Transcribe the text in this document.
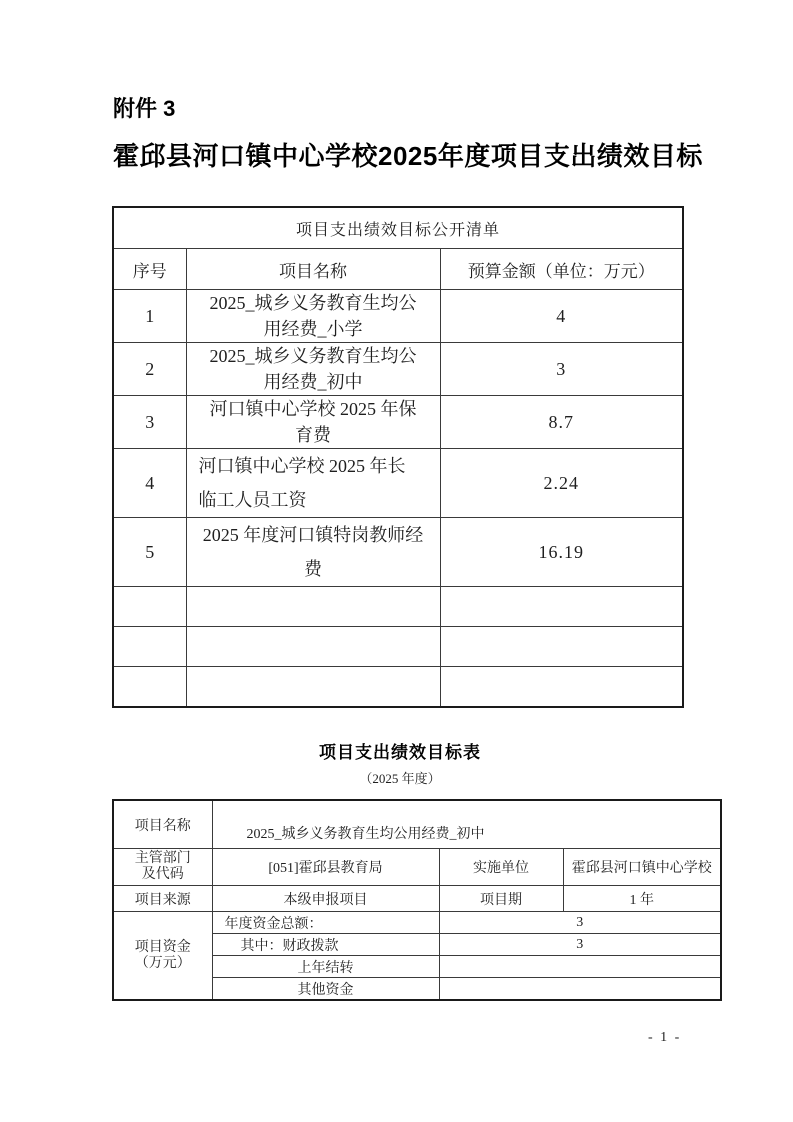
附件 3
霍邱县河口镇中心学校2025年度项目支出绩效目标
项目支出绩效目标公开清单		
序号	项目名称	预算金额（单位：万元）
1	2025_城乡义务教育生均公
用经费_小学	4
2	2025_城乡义务教育生均公
用经费_初中	3
3	河口镇中心学校 2025 年保
育费	8.7
4	河口镇中心学校 2025 年长
临工人员工资	2.24
5	2025 年度河口镇特岗教师经
费	16.19

项目支出绩效目标表
（2025 年度）
项目名称	2025_城乡义务教育生均公用经费_初中		

主管部门
及代码	[051]霍邱县教育局	实施单位	霍邱县河口镇中心学校
项目来源	本级申报项目	项目期	1 年

项目资金
（万元）	年度资金总额：	3	
	其中：财政拨款	3	
	上年结转		
	其他资金		
- 1 -
